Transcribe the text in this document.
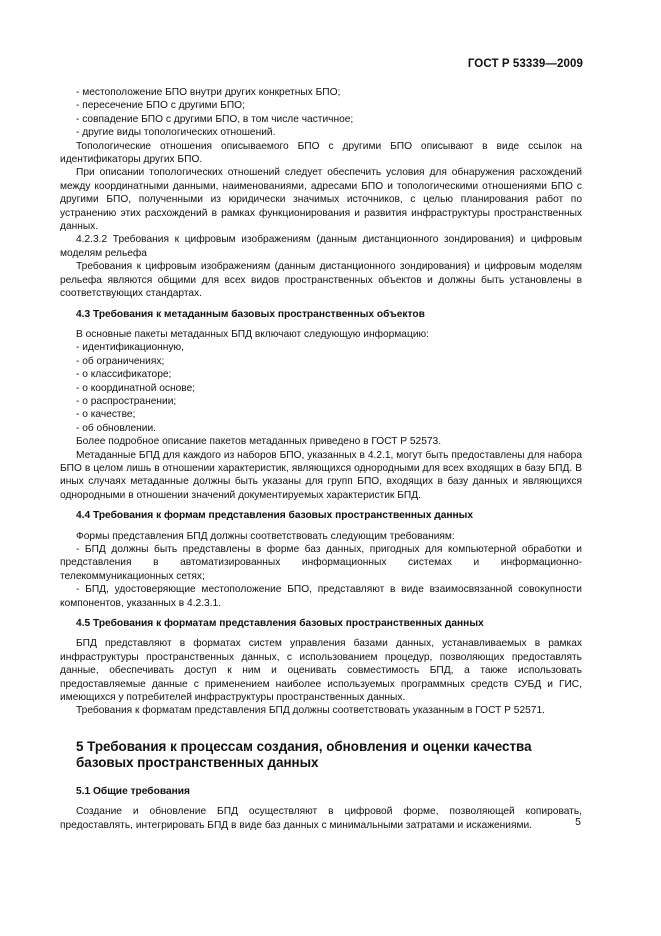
ГОСТ Р 53339—2009

- местоположение БПО внутри других конкретных БПО;

- пересечение БПО с другими БПО;

- совпадение БПО с другими БПО, в том числе частичное;

- другие виды топологических отношений.

Топологические отношения описываемого БПО с другими БПО описывают в виде ссылок на идентификаторы других БПО.

При описании топологических отношений следует обеспечить условия для обнаружения расхождений между координатными данными, наименованиями, адресами БПО и топологическими отношениями БПО с другими БПО, полученными из юридически значимых источников, с целью планирования работ по устранению этих расхождений в рамках функционирования и развития инфраструктуры пространственных данных.

4.2.3.2 Требования к цифровым изображениям (данным дистанционного зондирования) и цифровым моделям рельефа

Требования к цифровым изображениям (данным дистанционного зондирования) и цифровым моделям рельефа являются общими для всех видов пространственных объектов и должны быть установлены в соответствующих стандартах.

4.3 Требования к метаданным базовых пространственных объектов

В основные пакеты метаданных БПД включают следующую информацию:

- идентификационную,

- об ограничениях;

- о классификаторе;

- о координатной основе;

- о распространении;

- о качестве;

- об обновлении.

Более подробное описание пакетов метаданных приведено в ГОСТ Р 52573.

Метаданные БПД для каждого из наборов БПО, указанных в 4.2.1, могут быть предоставлены для набора БПО в целом лишь в отношении характеристик, являющихся однородными для всех входящих в базу БПД. В иных случаях метаданные должны быть указаны для групп БПО, входящих в базу данных и являющихся однородными в отношении значений документируемых характеристик БПД.

4.4 Требования к формам представления базовых пространственных данных

Формы представления БПД должны соответствовать следующим требованиям:

- БПД должны быть представлены в форме баз данных, пригодных для компьютерной обработки и представления в автоматизированных информационных системах и информационно-телекоммуникационных сетях;

- БПД, удостоверяющие местоположение БПО, представляют в виде взаимосвязанной совокупности компонентов, указанных в 4.2.3.1.

4.5 Требования к форматам представления базовых пространственных данных

БПД представляют в форматах систем управления базами данных, устанавливаемых в рамках инфраструктуры пространственных данных, с использованием процедур, позволяющих предоставлять данные, обеспечивать доступ к ним и оценивать совместимость БПД, а также использовать предоставляемые данные с применением наиболее используемых программных средств СУБД и ГИС, имеющихся у потребителей инфраструктуры пространственных данных.

Требования к форматам представления БПД должны соответствовать указанным в ГОСТ Р 52571.

5 Требования к процессам создания, обновления и оценки качества базовых пространственных данных

5.1 Общие требования

Создание и обновление БПД осуществляют в цифровой форме, позволяющей копировать, предоставлять, интегрировать БПД в виде баз данных с минимальными затратами и искажениями.	5
